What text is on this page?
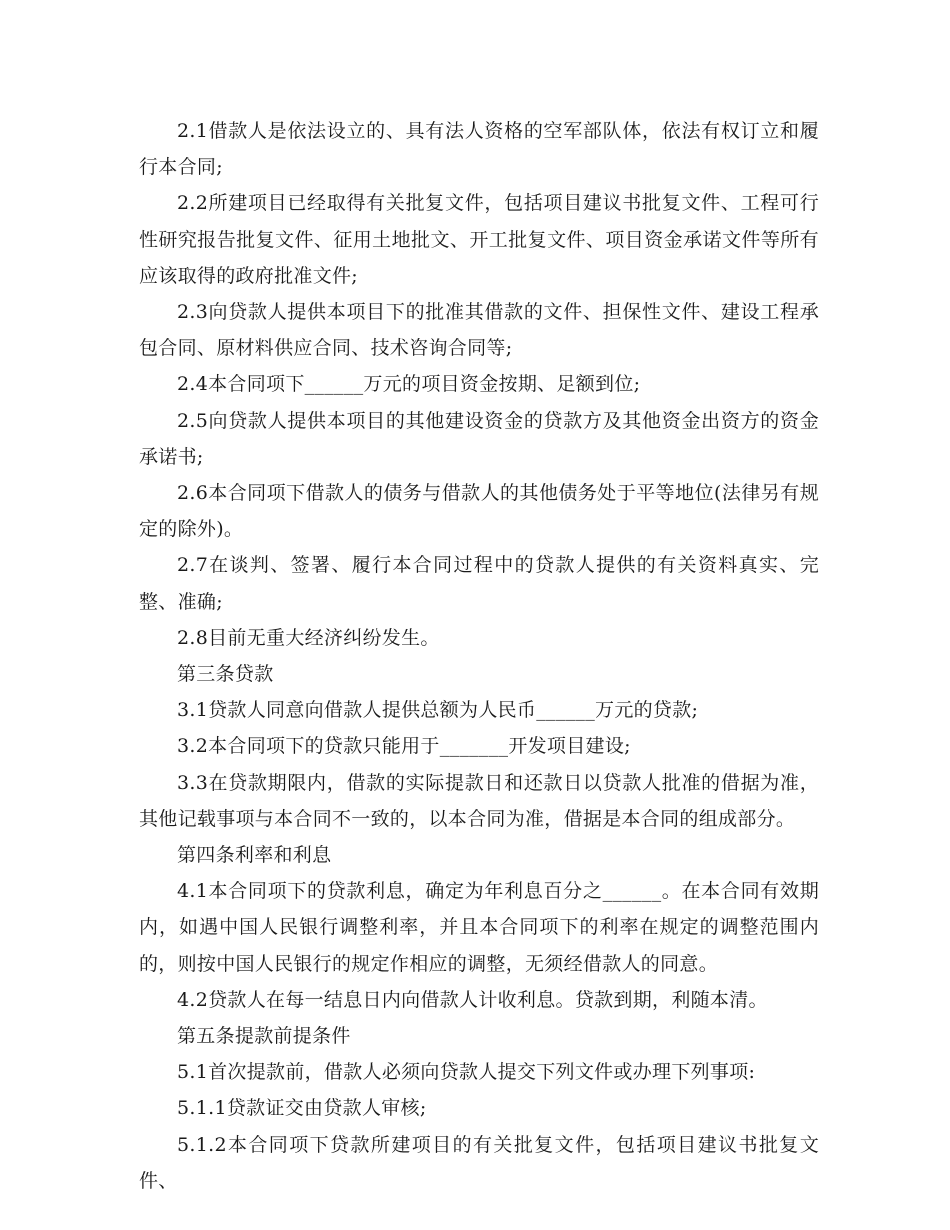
2.1借款人是依法设立的、具有法人资格的空军部队体，依法有权订立和履行本合同;

2.2所建项目已经取得有关批复文件，包括项目建议书批复文件、工程可行性研究报告批复文件、征用土地批文、开工批复文件、项目资金承诺文件等所有应该取得的政府批准文件;

2.3向贷款人提供本项目下的批准其借款的文件、担保性文件、建设工程承包合同、原材料供应合同、技术咨询合同等;

2.4本合同项下______万元的项目资金按期、足额到位;

2.5向贷款人提供本项目的其他建设资金的贷款方及其他资金出资方的资金承诺书;

2.6本合同项下借款人的债务与借款人的其他债务处于平等地位(法律另有规定的除外)。

2.7在谈判、签署、履行本合同过程中的贷款人提供的有关资料真实、完整、准确;

2.8目前无重大经济纠纷发生。

第三条贷款

3.1贷款人同意向借款人提供总额为人民币______万元的贷款;

3.2本合同项下的贷款只能用于_______开发项目建设;

3.3在贷款期限内，借款的实际提款日和还款日以贷款人批准的借据为准，其他记载事项与本合同不一致的，以本合同为准，借据是本合同的组成部分。

第四条利率和利息

4.1本合同项下的贷款利息，确定为年利息百分之______。在本合同有效期内，如遇中国人民银行调整利率，并且本合同项下的利率在规定的调整范围内的，则按中国人民银行的规定作相应的调整，无须经借款人的同意。

4.2贷款人在每一结息日内向借款人计收利息。贷款到期，利随本清。

第五条提款前提条件

5.1首次提款前，借款人必须向贷款人提交下列文件或办理下列事项:

5.1.1贷款证交由贷款人审核;

5.1.2本合同项下贷款所建项目的有关批复文件，包括项目建议书批复文件、
